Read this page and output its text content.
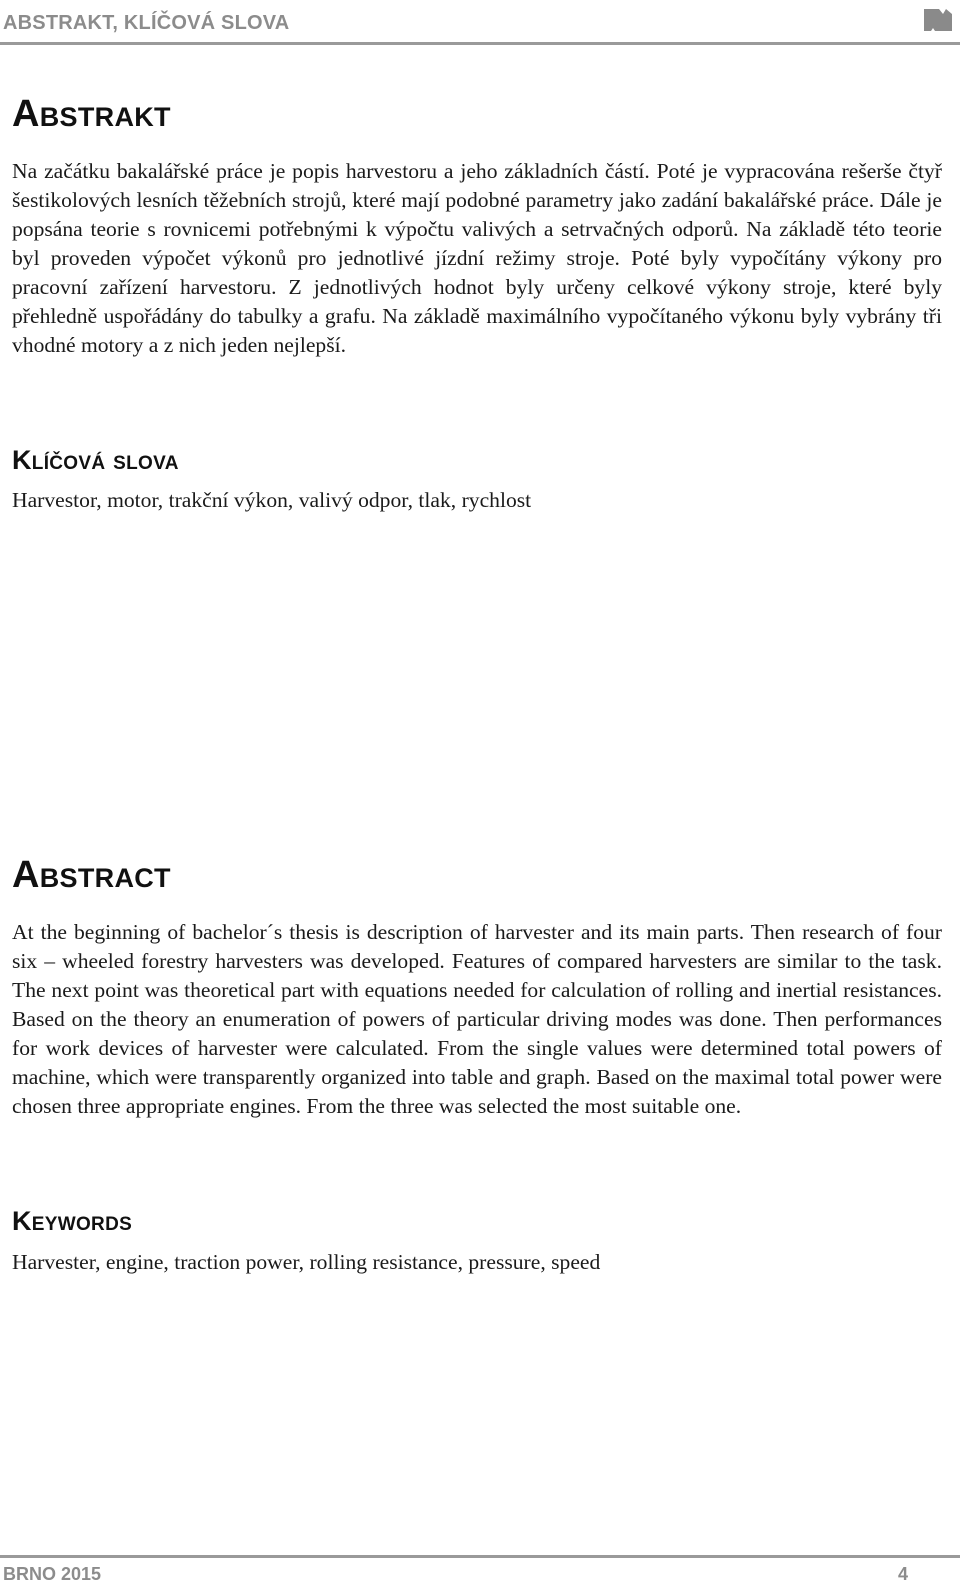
ABSTRAKT, KLÍČOVÁ SLOVA
Abstrakt

Na začátku bakalářské práce je popis harvestoru a jeho základních částí. Poté je vypracována rešerše čtyř šestikolových lesních těžebních strojů, které mají podobné parametry jako zadání bakalářské práce. Dále je popsána teorie s rovnicemi potřebnými k výpočtu valivých a setrvačných odporů. Na základě této teorie byl proveden výpočet výkonů pro jednotlivé jízdní režimy stroje. Poté byly vypočítány výkony pro pracovní zařízení harvestoru. Z jednotlivých hodnot byly určeny celkové výkony stroje, které byly přehledně uspořádány do tabulky a grafu. Na základě maximálního vypočítaného výkonu byly vybrány tři vhodné motory a z nich jeden nejlepší.

Klíčová slova

Harvestor, motor, trakční výkon, valivý odpor, tlak, rychlost

Abstract

At the beginning of bachelor´s thesis is description of harvester and its main parts. Then research of four six – wheeled forestry harvesters was developed. Features of compared harvesters are similar to the task. The next point was theoretical part with equations needed for calculation of rolling and inertial resistances. Based on the theory an enumeration of powers of particular driving modes was done. Then performances for work devices of harvester were calculated. From the single values were determined total powers of machine, which were transparently organized into table and graph. Based on the maximal total power were chosen three appropriate engines. From the three was selected the most suitable one.

Keywords

Harvester, engine, traction power, rolling resistance, pressure, speed

BRNO 2015	4
